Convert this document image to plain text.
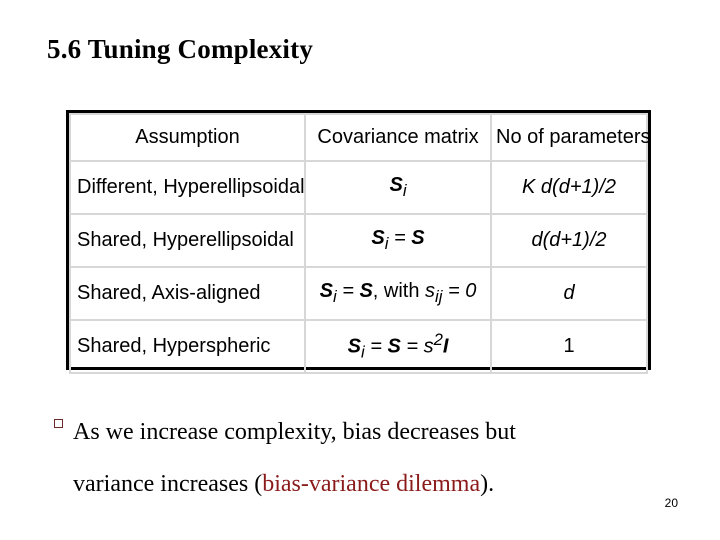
5.6 Tuning Complexity
Assumption	Covariance matrix	No of parameters
Different, Hyperellipsoidal	$S_i$	K d(d+1)/2
Shared, Hyperellipsoidal	$S_i = S$	d(d+1)/2
Shared, Axis-aligned	$S_i = S$, with $s_{ij} = 0$	d
Shared, Hyperspheric	$S_i = S = s^2I$	1
As we increase complexity, bias decreases but
variance increases (bias-variance dilemma).
20
